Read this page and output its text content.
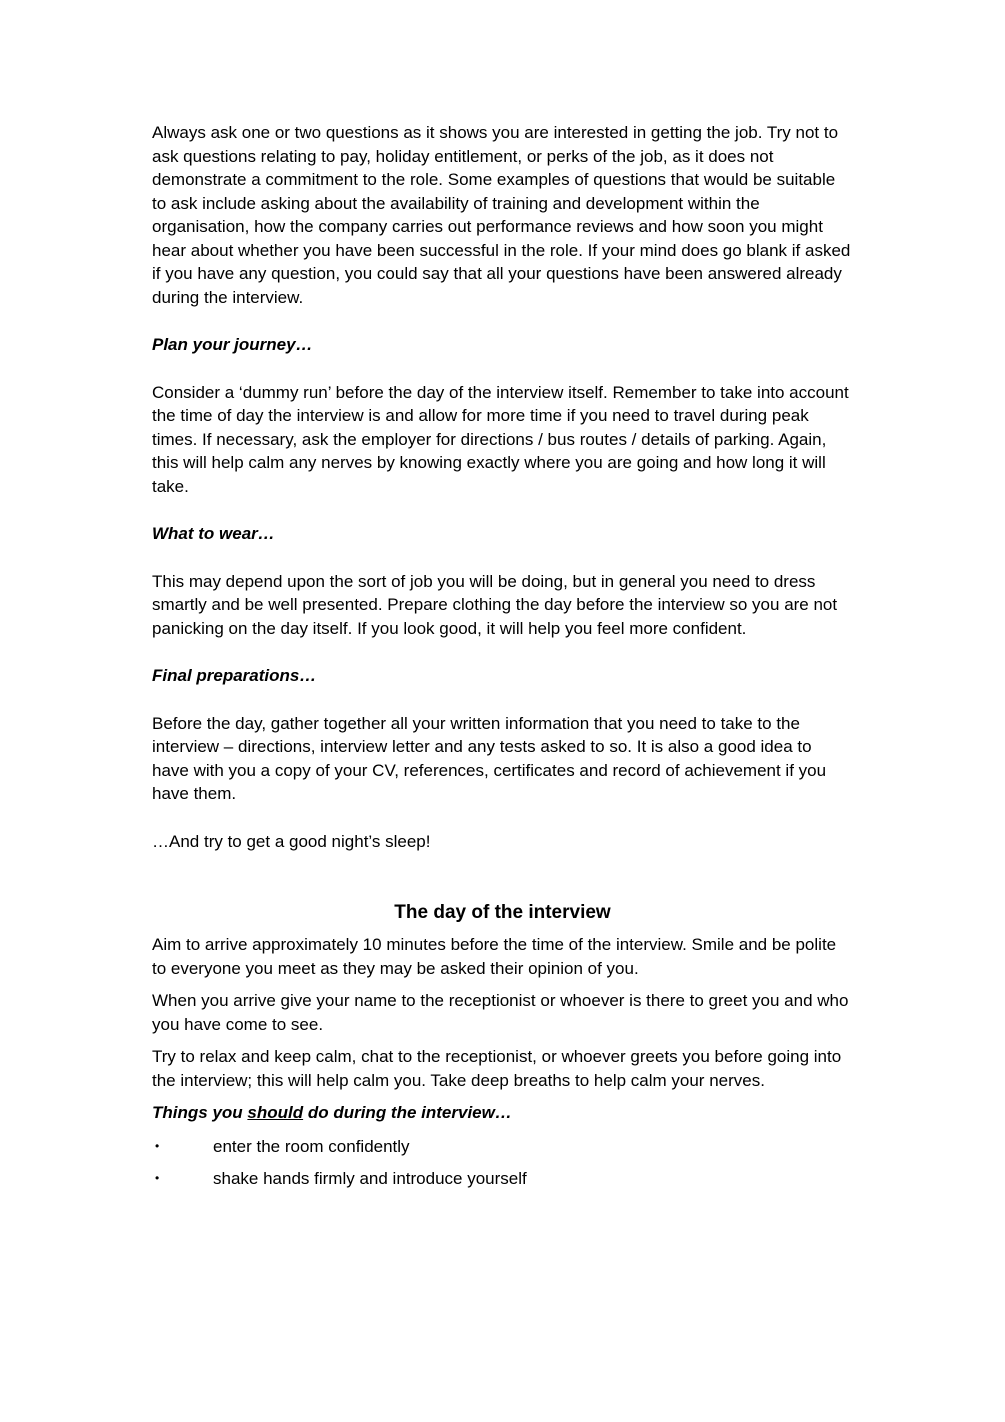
Always ask one or two questions as it shows you are interested in getting the job. Try not to ask questions relating to pay, holiday entitlement, or perks of the job, as it does not demonstrate a commitment to the role. Some examples of questions that would be suitable to ask include asking about the availability of training and development within the organisation, how the company carries out performance reviews and how soon you might hear about whether you have been successful in the role. If your mind does go blank if asked if you have any question, you could say that all your questions have been answered already during the interview.

Plan your journey…

Consider a ‘dummy run’ before the day of the interview itself. Remember to take into account the time of day the interview is and allow for more time if you need to travel during peak times. If necessary, ask the employer for directions / bus routes / details of parking. Again, this will help calm any nerves by knowing exactly where you are going and how long it will take.

What to wear…

This may depend upon the sort of job you will be doing, but in general you need to dress smartly and be well presented. Prepare clothing the day before the interview so you are not panicking on the day itself. If you look good, it will help you feel more confident.

Final preparations…

Before the day, gather together all your written information that you need to take to the interview – directions, interview letter and any tests asked to so. It is also a good idea to have with you a copy of your CV, references, certificates and record of achievement if you have them.

…And try to get a good night’s sleep!

The day of the interview

Aim to arrive approximately 10 minutes before the time of the interview. Smile and be polite to everyone you meet as they may be asked their opinion of you.

When you arrive give your name to the receptionist or whoever is there to greet you and who you have come to see.

Try to relax and keep calm, chat to the receptionist, or whoever greets you before going into the interview; this will help calm you. Take deep breaths to help calm your nerves.

Things you should do during the interview…
•	enter the room confidently
•	shake hands firmly and introduce yourself
